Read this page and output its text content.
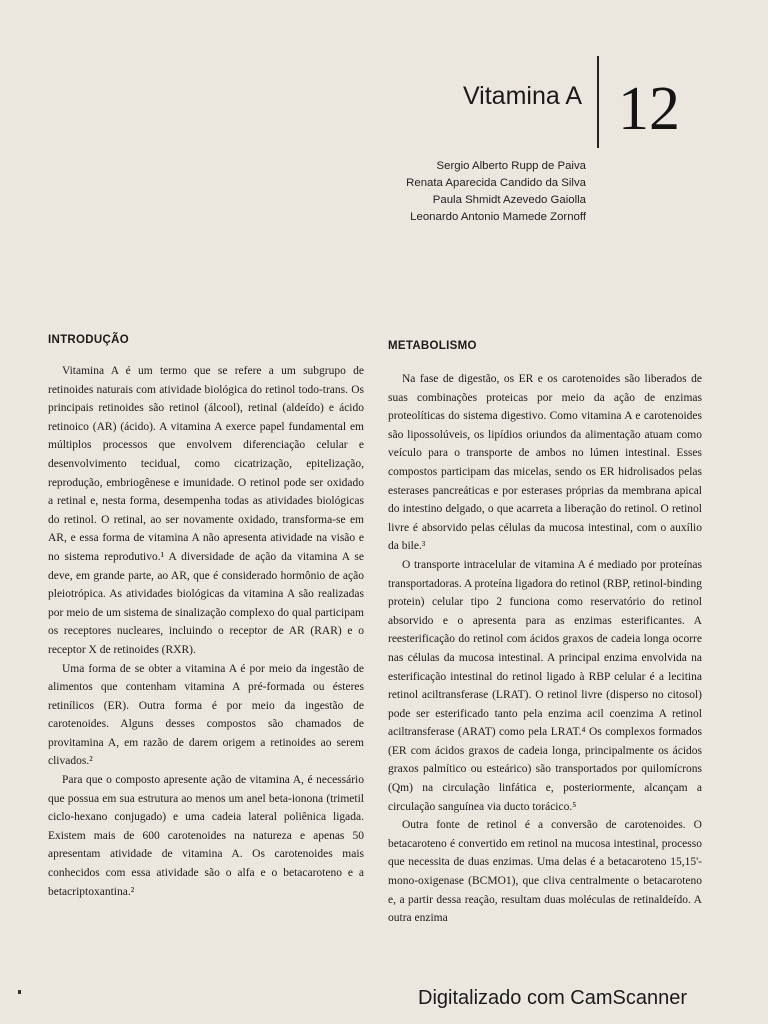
Vitamina A 12
Sergio Alberto Rupp de Paiva
Renata Aparecida Candido da Silva
Paula Shmidt Azevedo Gaiolla
Leonardo Antonio Mamede Zornoff
INTRODUÇÃO

Vitamina A é um termo que se refere a um subgrupo de retinoides naturais com atividade biológica do retinol todo-trans. Os principais retinoides são retinol (álcool), retinal (aldeído) e ácido retinoico (AR) (ácido). A vitamina A exerce papel fundamental em múltiplos processos que envolvem diferenciação celular e desenvolvimento tecidual, como cicatrização, epitelização, reprodução, embriogênese e imunidade. O retinol pode ser oxidado a retinal e, nesta forma, desempenha todas as atividades biológicas do retinol. O retinal, ao ser novamente oxidado, transforma-se em AR, e essa forma de vitamina A não apresenta atividade na visão e no sistema reprodutivo.¹ A diversidade de ação da vitamina A se deve, em grande parte, ao AR, que é considerado hormônio de ação pleiotrópica. As atividades biológicas da vitamina A são realizadas por meio de um sistema de sinalização complexo do qual participam os receptores nucleares, incluindo o receptor de AR (RAR) e o receptor X de retinoides (RXR).

Uma forma de se obter a vitamina A é por meio da ingestão de alimentos que contenham vitamina A pré-formada ou ésteres retinílicos (ER). Outra forma é por meio da ingestão de carotenoides. Alguns desses compostos são chamados de provitamina A, em razão de darem origem a retinoides ao serem clivados.²

Para que o composto apresente ação de vitamina A, é necessário que possua em sua estrutura ao menos um anel beta-ionona (trimetil ciclo-hexano conjugado) e uma cadeia lateral poliênica ligada. Existem mais de 600 carotenoides na natureza e apenas 50 apresentam atividade de vitamina A. Os carotenoides mais conhecidos com essa atividade são o alfa e o betacaroteno e a betacriptoxantina.²

METABOLISMO

Na fase de digestão, os ER e os carotenoides são liberados de suas combinações proteicas por meio da ação de enzimas proteolíticas do sistema digestivo. Como vitamina A e carotenoides são lipossolúveis, os lipídios oriundos da alimentação atuam como veículo para o transporte de ambos no lúmen intestinal. Esses compostos participam das micelas, sendo os ER hidrolisados pelas esterases pancreáticas e por esterases próprias da membrana apical do intestino delgado, o que acarreta a liberação do retinol. O retinol livre é absorvido pelas células da mucosa intestinal, com o auxílio da bile.³

O transporte intracelular de vitamina A é mediado por proteínas transportadoras. A proteína ligadora do retinol (RBP, retinol-binding protein) celular tipo 2 funciona como reservatório do retinol absorvido e o apresenta para as enzimas esterificantes. A reesterificação do retinol com ácidos graxos de cadeia longa ocorre nas células da mucosa intestinal. A principal enzima envolvida na esterificação intestinal do retinol ligado à RBP celular é a lecitina retinol aciltransferase (LRAT). O retinol livre (disperso no citosol) pode ser esterificado tanto pela enzima acil coenzima A retinol aciltransferase (ARAT) como pela LRAT.⁴ Os complexos formados (ER com ácidos graxos de cadeia longa, principalmente os ácidos graxos palmítico ou esteárico) são transportados por quilomícrons (Qm) na circulação linfática e, posteriormente, alcançam a circulação sanguínea via ducto torácico.⁵

Outra fonte de retinol é a conversão de carotenoides. O betacaroteno é convertido em retinol na mucosa intestinal, processo que necessita de duas enzimas. Uma delas é a betacaroteno 15,15'-mono-oxigenase (BCMO1), que cliva centralmente o betacaroteno e, a partir dessa reação, resultam duas moléculas de retinaldeído. A outra enzima

Digitalizado com CamScanner
